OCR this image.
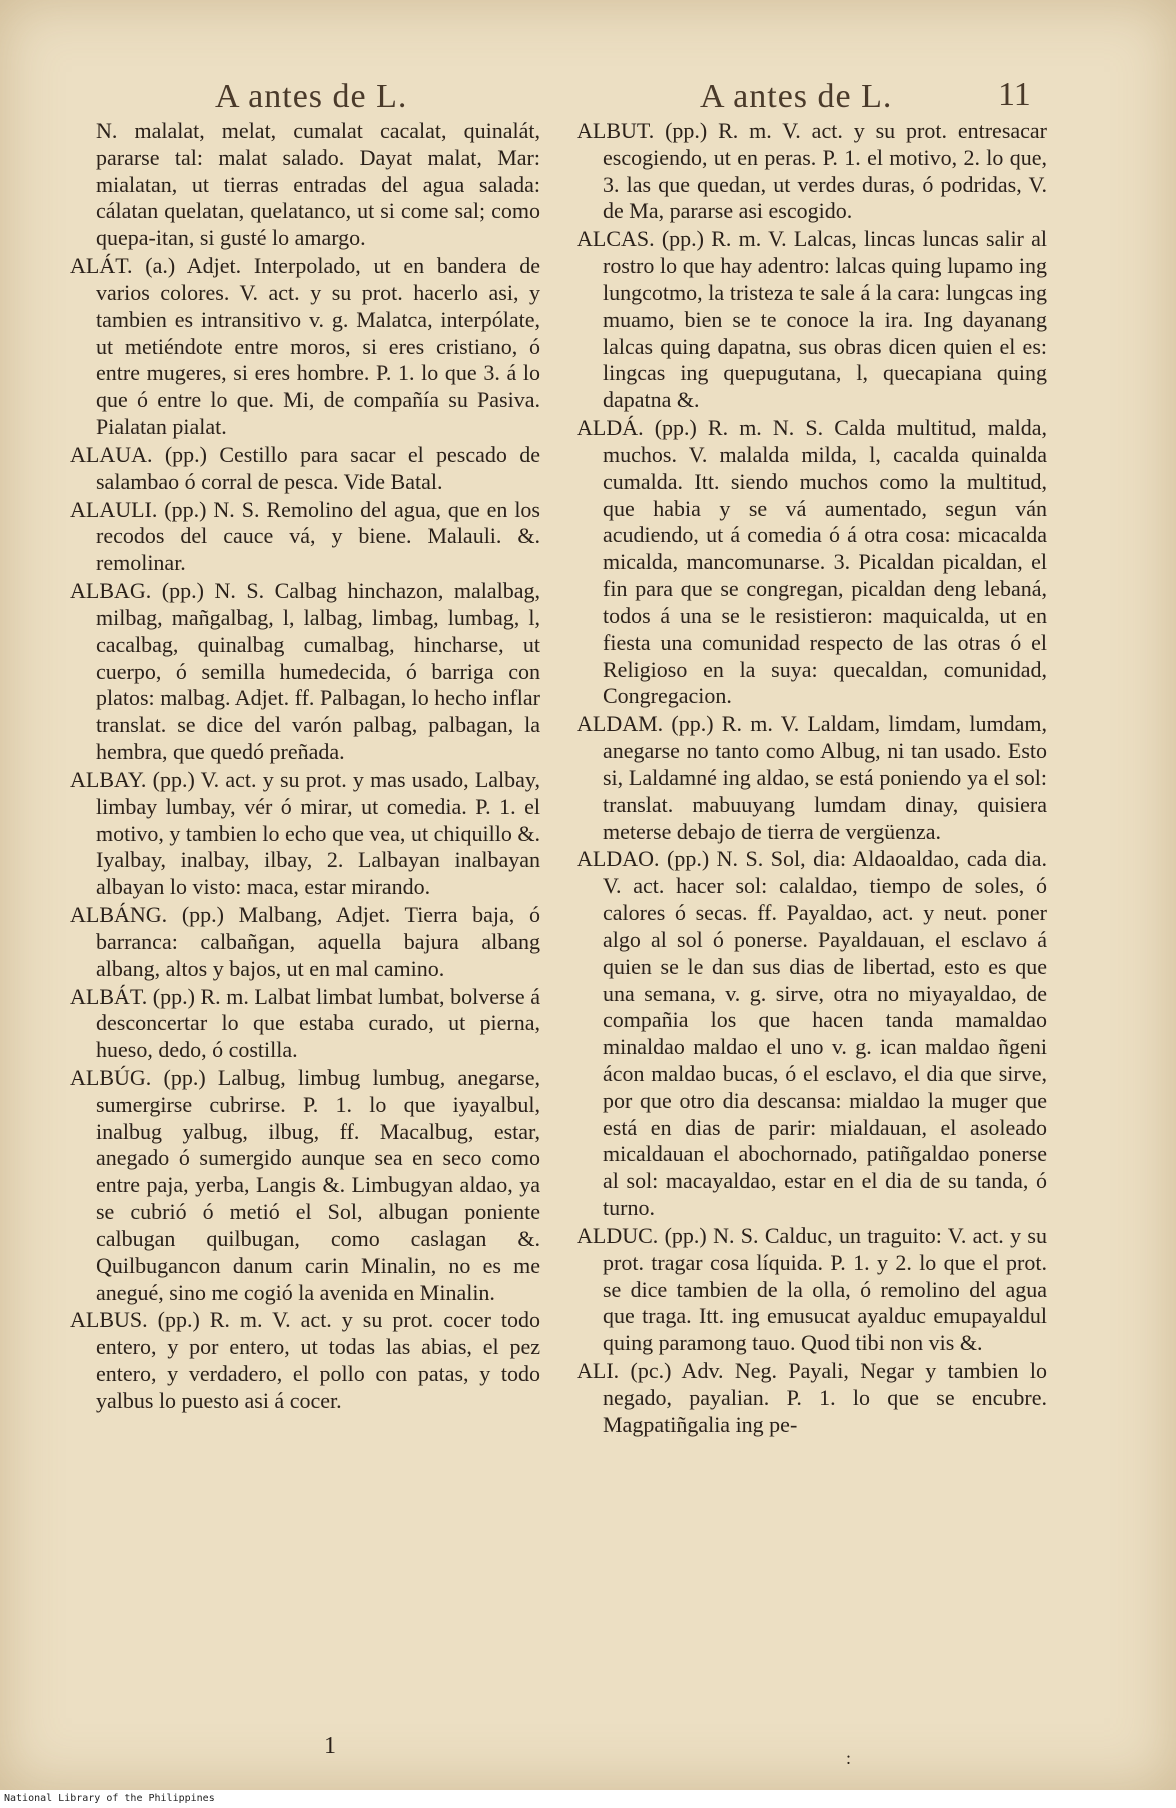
A antes de L.	A antes de L.	11

N. malalat, melat, cumalat cacalat, quinalát, pararse tal: malat salado. Dayat malat, Mar: mialatan, ut tierras entradas del agua salada: cálatan quelatan, quelatanco, ut si come sal; como quepa-itan, si gusté lo amargo.

ALÁT. (a.) Adjet. Interpolado, ut en bandera de varios colores. V. act. y su prot. hacerlo asi, y tambien es intransitivo v. g. Malatca, interpólate, ut metiéndote entre moros, si eres cristiano, ó entre mugeres, si eres hombre. P. 1. lo que 3. á lo que ó entre lo que. Mi, de compañía su Pasiva. Pialatan pialat.

ALAUA. (pp.) Cestillo para sacar el pescado de salambao ó corral de pesca. Vide Batal.

ALAULI. (pp.) N. S. Remolino del agua, que en los recodos del cauce vá, y biene. Malauli. &. remolinar.

ALBAG. (pp.) N. S. Calbag hinchazon, malalbag, milbag, mañgalbag, l, lalbag, limbag, lumbag, l, cacalbag, quinalbag cumalbag, hincharse, ut cuerpo, ó semilla humedecida, ó barriga con platos: malbag. Adjet. ff. Palbagan, lo hecho inflar translat. se dice del varón palbag, palbagan, la hembra, que quedó preñada.

ALBAY. (pp.) V. act. y su prot. y mas usado, Lalbay, limbay lumbay, vér ó mirar, ut comedia. P. 1. el motivo, y tambien lo echo que vea, ut chiquillo &. Iyalbay, inalbay, ilbay, 2. Lalbayan inalbayan albayan lo visto: maca, estar mirando.

ALBÁNG. (pp.) Malbang, Adjet. Tierra baja, ó barranca: calbañgan, aquella bajura albang albang, altos y bajos, ut en mal camino.

ALBÁT. (pp.) R. m. Lalbat limbat lumbat, bolverse á desconcertar lo que estaba curado, ut pierna, hueso, dedo, ó costilla.

ALBÚG. (pp.) Lalbug, limbug lumbug, anegarse, sumergirse cubrirse. P. 1. lo que iyayalbul, inalbug yalbug, ilbug, ff. Macalbug, estar, anegado ó sumergido aunque sea en seco como entre paja, yerba, Langis &. Limbugyan aldao, ya se cubrió ó metió el Sol, albugan poniente calbugan quilbugan, como caslagan &. Quilbugancon danum carin Minalin, no es me anegué, sino me cogió la avenida en Minalin.

ALBUS. (pp.) R. m. V. act. y su prot. cocer todo entero, y por entero, ut todas las abias, el pez entero, y verdadero, el pollo con patas, y todo yalbus lo puesto asi á cocer.

ALBUT. (pp.) R. m. V. act. y su prot. entresacar escogiendo, ut en peras. P. 1. el motivo, 2. lo que, 3. las que quedan, ut verdes duras, ó podridas, V. de Ma, pararse asi escogido.

ALCAS. (pp.) R. m. V. Lalcas, lincas luncas salir al rostro lo que hay adentro: lalcas quing lupamo ing lungcotmo, la tristeza te sale á la cara: lungcas ing muamo, bien se te conoce la ira. Ing dayanang lalcas quing dapatna, sus obras dicen quien el es: lingcas ing quepugutana, l, quecapiana quing dapatna &.

ALDÁ. (pp.) R. m. N. S. Calda multitud, malda, muchos. V. malalda milda, l, cacalda quinalda cumalda. Itt. siendo muchos como la multitud, que habia y se vá aumentado, segun ván acudiendo, ut á comedia ó á otra cosa: micacalda micalda, mancomunarse. 3. Picaldan picaldan, el fin para que se congregan, picaldan deng lebaná, todos á una se le resistieron: maquicalda, ut en fiesta una comunidad respecto de las otras ó el Religioso en la suya: quecaldan, comunidad, Congregacion.

ALDAM. (pp.) R. m. V. Laldam, limdam, lumdam, anegarse no tanto como Albug, ni tan usado. Esto si, Laldamné ing aldao, se está poniendo ya el sol: translat. mabuuyang lumdam dinay, quisiera meterse debajo de tierra de vergüenza.

ALDAO. (pp.) N. S. Sol, dia: Aldaoaldao, cada dia. V. act. hacer sol: calaldao, tiempo de soles, ó calores ó secas. ff. Payaldao, act. y neut. poner algo al sol ó ponerse. Payaldauan, el esclavo á quien se le dan sus dias de libertad, esto es que una semana, v. g. sirve, otra no miyayaldao, de compañia los que hacen tanda mamaldao minaldao maldao el uno v. g. ican maldao ñgeni ácon maldao bucas, ó el esclavo, el dia que sirve, por que otro dia descansa: mialdao la muger que está en dias de parir: mialdauan, el asoleado micaldauan el abochornado, patiñgaldao ponerse al sol: macayaldao, estar en el dia de su tanda, ó turno.

ALDUC. (pp.) N. S. Calduc, un traguito: V. act. y su prot. tragar cosa líquida. P. 1. y 2. lo que el prot. se dice tambien de la olla, ó remolino del agua que traga. Itt. ing emusucat ayalduc emupayaldul quing paramong tauo. Quod tibi non vis &.

ALI. (pc.) Adv. Neg. Payali, Negar y tambien lo negado, payalian. P. 1. lo que se encubre. Magpatiñgalia ing pe-

1	:
National Library of the Philippines
